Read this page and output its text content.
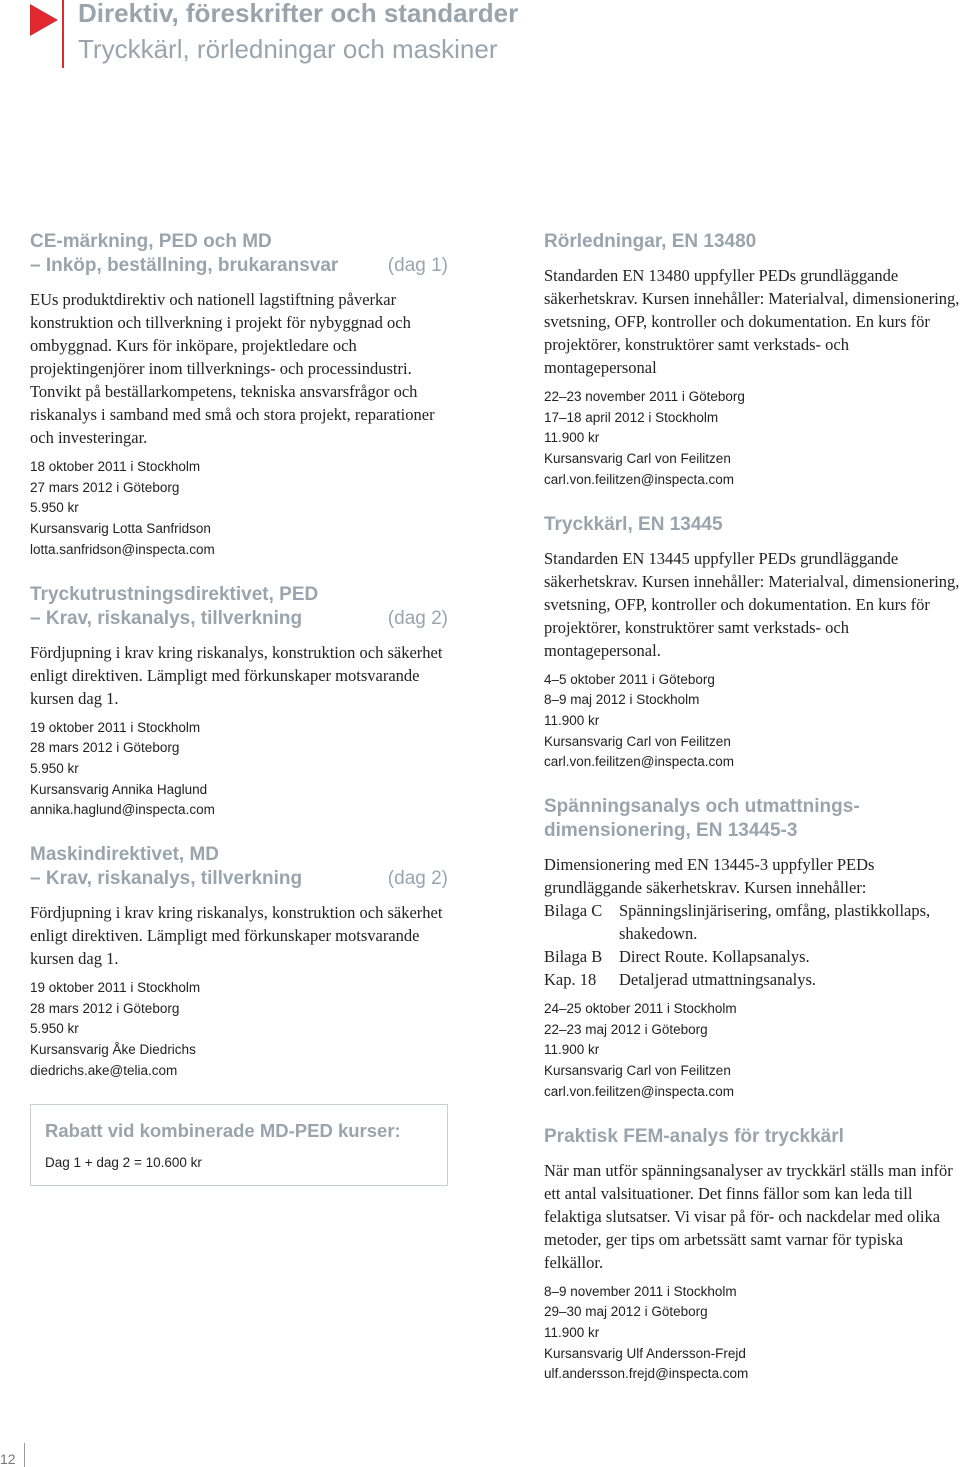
Direktiv, föreskrifter och standarder
Tryckkärl, rörledningar och maskiner
CE-märkning, PED och MD
– Inköp, beställning, brukaransvar	(dag 1)

EUs produktdirektiv och nationell lagstiftning påverkar konstruktion och tillverkning i projekt för nybyggnad och ombyggnad. Kurs för inköpare, projektledare och projektingenjörer inom tillverknings- och processindustri. Tonvikt på beställarkompetens, tekniska ansvarsfrågor och riskanalys i samband med små och stora projekt, reparationer och investeringar.

18 oktober 2011 i Stockholm
27 mars 2012 i Göteborg
5.950 kr
Kursansvarig Lotta Sanfridson
lotta.sanfridson@inspecta.com
Tryckutrustningsdirektivet, PED
– Krav, riskanalys, tillverkning	(dag 2)

Fördjupning i krav kring riskanalys, konstruktion och säkerhet enligt direktiven. Lämpligt med förkunskaper motsvarande kursen dag 1.

19 oktober 2011 i Stockholm
28 mars 2012 i Göteborg
5.950 kr
Kursansvarig Annika Haglund
annika.haglund@inspecta.com
Maskindirektivet, MD
– Krav, riskanalys, tillverkning	(dag 2)

Fördjupning i krav kring riskanalys, konstruktion och säkerhet enligt direktiven. Lämpligt med förkunskaper motsvarande kursen dag 1.

19 oktober 2011 i Stockholm
28 mars 2012 i Göteborg
5.950 kr
Kursansvarig Åke Diedrichs
diedrichs.ake@telia.com
Rabatt vid kombinerade MD-PED kurser:
Dag 1 + dag 2 = 10.600 kr
Rörledningar, EN 13480

Standarden EN 13480 uppfyller PEDs grundläggande säkerhetskrav. Kursen innehåller: Materialval, dimensionering, svetsning, OFP, kontroller och dokumentation. En kurs för projektörer, konstruktörer samt verkstads- och montagepersonal

22–23 november 2011 i Göteborg
17–18 april 2012 i Stockholm
11.900 kr
Kursansvarig Carl von Feilitzen
carl.von.feilitzen@inspecta.com
Tryckkärl, EN 13445

Standarden EN 13445 uppfyller PEDs grundläggande säkerhetskrav. Kursen innehåller: Materialval, dimensionering, svetsning, OFP, kontroller och dokumentation. En kurs för projektörer, konstruktörer samt verkstads- och montagepersonal.

4–5 oktober 2011 i Göteborg
8–9 maj 2012 i Stockholm
11.900 kr
Kursansvarig Carl von Feilitzen
carl.von.feilitzen@inspecta.com
Spänningsanalys och utmattnings-
dimensionering, EN 13445-3
Dimensionering med EN 13445-3 uppfyller PEDs grundläggande säkerhetskrav. Kursen innehåller:
Bilaga C	Spänningslinjärisering, omfång, plastikkollaps, shakedown.
Bilaga B	Direct Route. Kollapsanalys.
Kap. 18	Detaljerad utmattningsanalys.
24–25 oktober 2011 i Stockholm
22–23 maj 2012 i Göteborg
11.900 kr
Kursansvarig Carl von Feilitzen
carl.von.feilitzen@inspecta.com
Praktisk FEM-analys för tryckkärl

När man utför spänningsanalyser av tryckkärl ställs man inför ett antal valsituationer. Det finns fällor som kan leda till felaktiga slutsatser. Vi visar på för- och nackdelar med olika metoder, ger tips om arbetssätt samt varnar för typiska felkällor.

8–9 november 2011 i Stockholm
29–30 maj 2012 i Göteborg
11.900 kr
Kursansvarig Ulf Andersson-Frejd
ulf.andersson.frejd@inspecta.com
12
